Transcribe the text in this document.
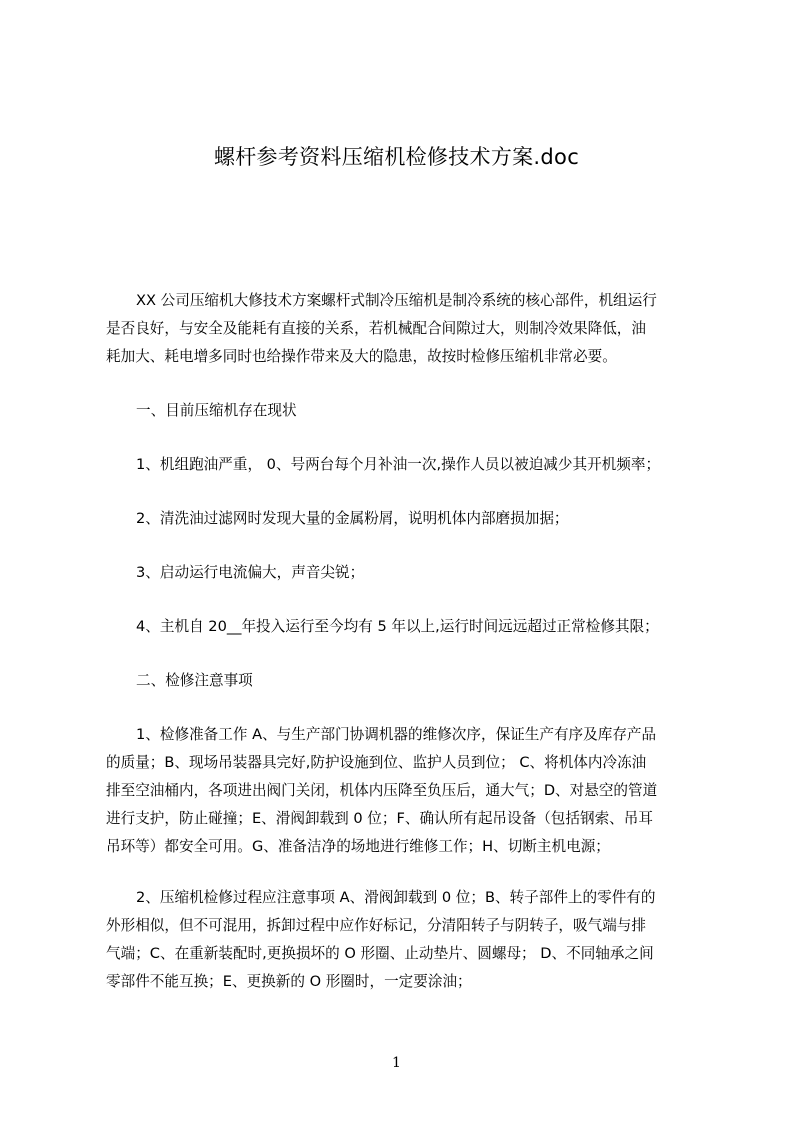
螺杆参考资料压缩机检修技术方案.doc
XX 公司压缩机大修技术方案螺杆式制冷压缩机是制冷系统的核心部件，机组运行
是否良好，与安全及能耗有直接的关系，若机械配合间隙过大，则制冷效果降低，油
耗加大、耗电增多同时也给操作带来及大的隐患，故按时检修压缩机非常必要。
一、目前压缩机存在现状
1、机组跑油严重， 0、号两台每个月补油一次,操作人员以被迫减少其开机频率；
2、清洗油过滤网时发现大量的金属粉屑，说明机体内部磨损加据；
3、启动运行电流偏大，声音尖锐；
4、主机自 20__年投入运行至今均有 5 年以上,运行时间远远超过正常检修其限；
二、检修注意事项
1、检修准备工作 A、与生产部门协调机器的维修次序，保证生产有序及库存产品
的质量；B、现场吊装器具完好,防护设施到位、监护人员到位； C、将机体内冷冻油
排至空油桶内，各项进出阀门关闭，机体内压降至负压后，通大气；D、对悬空的管道
进行支护，防止碰撞；E、滑阀卸载到 0 位；F、确认所有起吊设备（包括钢索、吊耳
吊环等）都安全可用。G、准备洁净的场地进行维修工作；H、切断主机电源；
2、压缩机检修过程应注意事项 A、滑阀卸载到 0 位；B、转子部件上的零件有的
外形相似，但不可混用，拆卸过程中应作好标记，分清阳转子与阴转子，吸气端与排
气端；C、在重新装配时,更换损坏的 O 形圈、止动垫片、圆螺母； D、不同轴承之间
零部件不能互换；E、更换新的 O 形圈时，一定要涂油；
1
